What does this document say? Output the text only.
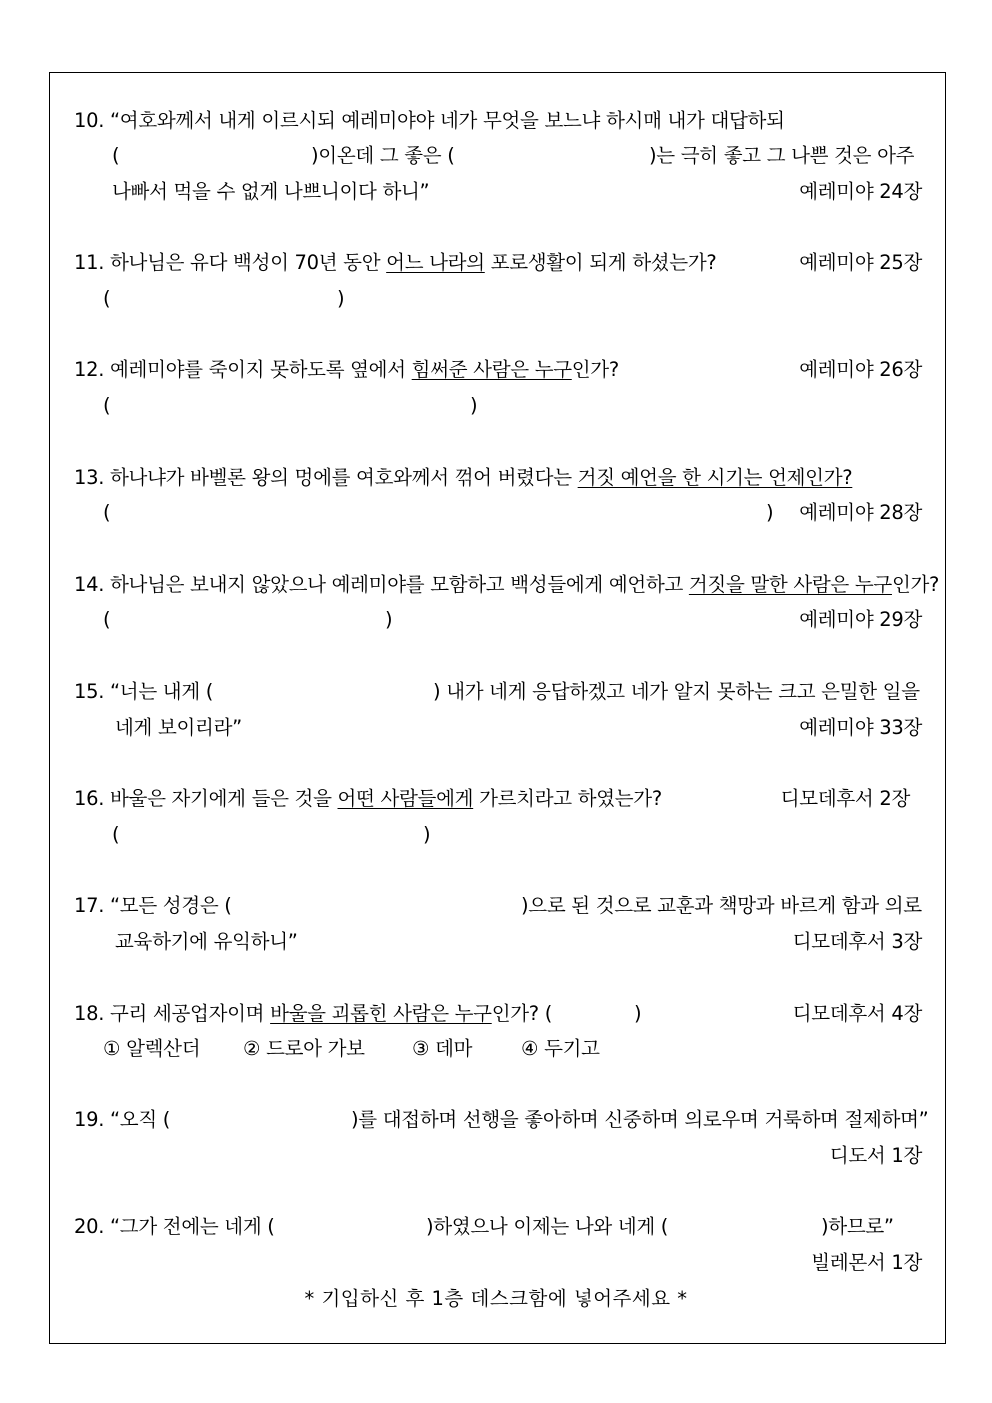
10. “여호와께서 내게 이르시되 예레미야야 네가 무엇을 보느냐 하시매 내가 대답하되
(	)이온데 그 좋은 (	)는 극히 좋고 그 나쁜 것은 아주
나빠서 먹을 수 없게 나쁘니이다 하니”	예레미야 24장
11. 하나님은 유다 백성이 70년 동안 어느 나라의 포로생활이 되게 하셨는가?	예레미야 25장
(	)
12. 예레미야를 죽이지 못하도록 옆에서 힘써준 사람은 누구인가?	예레미야 26장
(	)
13. 하나냐가 바벨론 왕의 멍에를 여호와께서 꺾어 버렸다는 거짓 예언을 한 시기는 언제인가?
(	) 예레미야 28장
14. 하나님은 보내지 않았으나 예레미야를 모함하고 백성들에게 예언하고 거짓을 말한 사람은 누구인가?
(	)	예레미야 29장
15. “너는 내게 (	) 내가 네게 응답하겠고 네가 알지 못하는 크고 은밀한 일을
네게 보이리라”	예레미야 33장
16. 바울은 자기에게 들은 것을 어떤 사람들에게 가르치라고 하였는가?	디모데후서 2장
(	)
17. “모든 성경은 (	)으로 된 것으로 교훈과 책망과 바르게 함과 의로
교육하기에 유익하니”	디모데후서 3장
18. 구리 세공업자이며 바울을 괴롭힌 사람은 누구인가? (	)	디모데후서 4장
① 알렉산더 ② 드로아 가보 ③ 데마	④ 두기고
19. “오직 (	)를 대접하며 선행을 좋아하며 신중하며 의로우며 거룩하며 절제하며”
디도서 1장
20. “그가 전에는 네게 (	)하였으나 이제는 나와 네게 (	)하므로”
빌레몬서 1장
* 기입하신 후 1층 데스크함에 넣어주세요 *
